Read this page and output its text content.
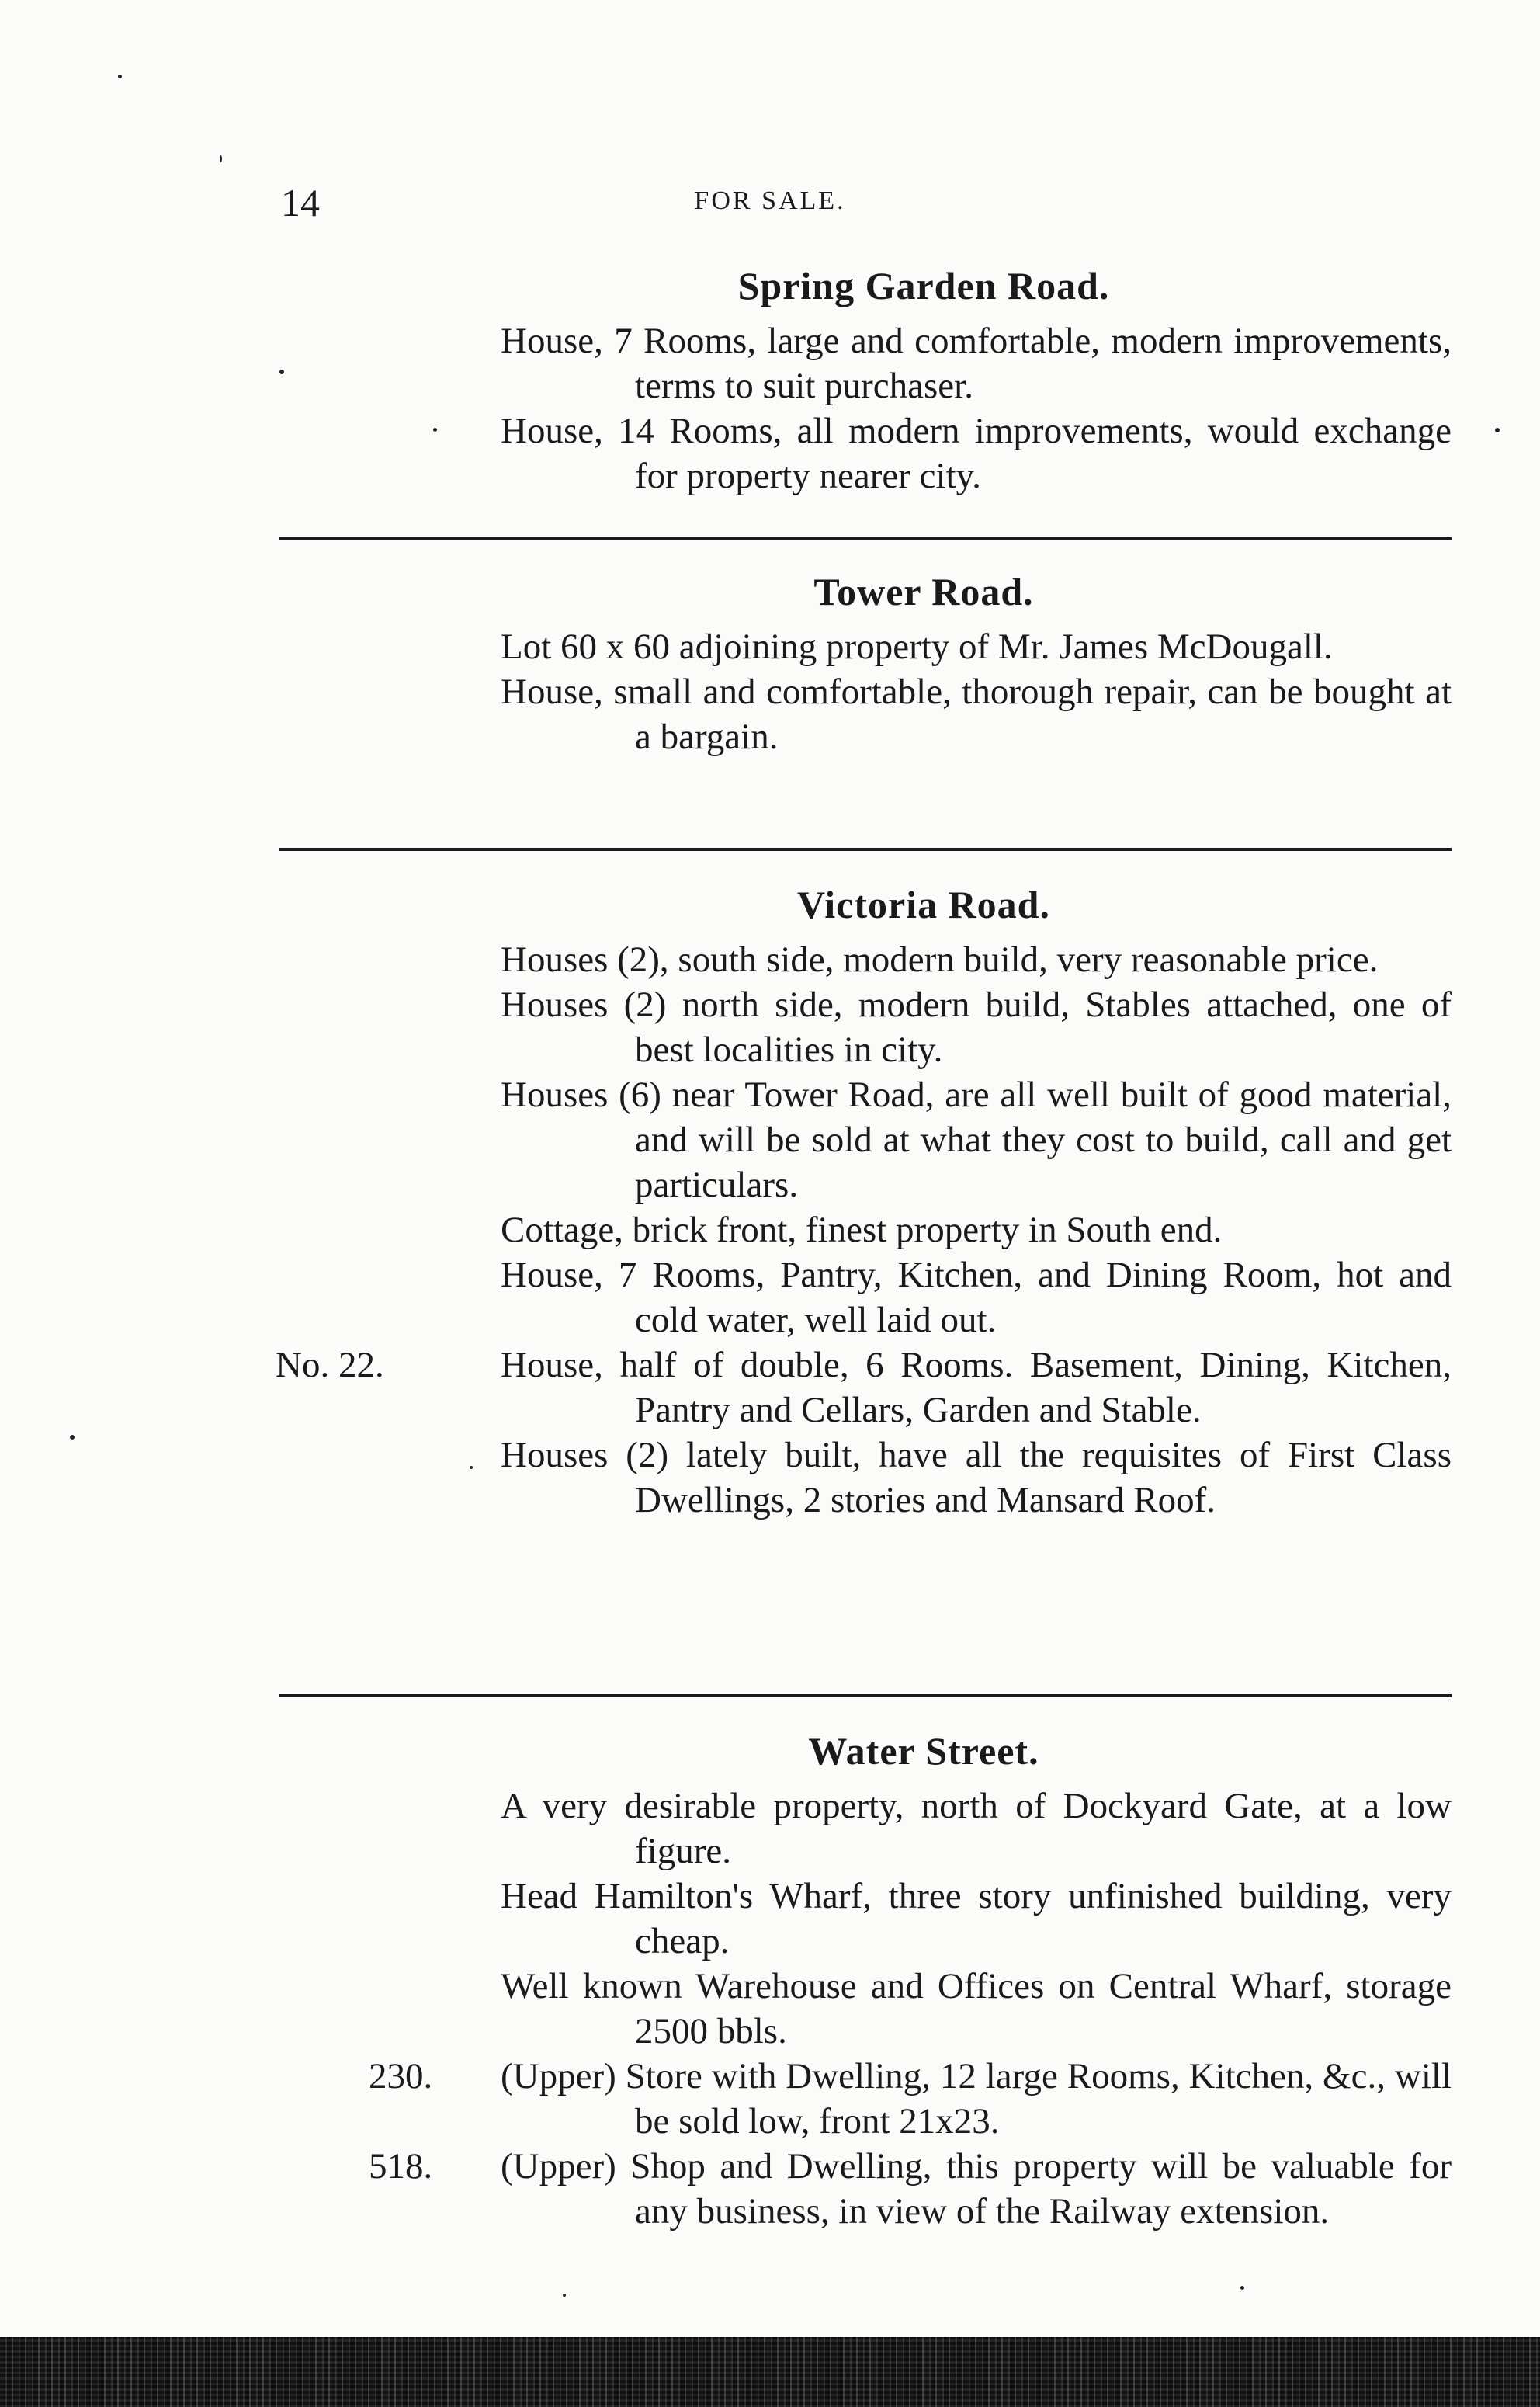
14	FOR SALE.
Spring Garden Road.
House, 7 Rooms, large and comfortable, modern improvements, terms to suit purchaser.
House, 14 Rooms, all modern improvements, would exchange for property nearer city.
Tower Road.
Lot 60 x 60 adjoining property of Mr. James McDougall.
House, small and comfortable, thorough repair, can be bought at a bargain.
Victoria Road.
Houses (2), south side, modern build, very reasonable price.
Houses (2) north side, modern build, Stables attached, one of best localities in city.
Houses (6) near Tower Road, are all well built of good material, and will be sold at what they cost to build, call and get particulars.
Cottage, brick front, finest property in South end.
House, 7 Rooms, Pantry, Kitchen, and Dining Room, hot and cold water, well laid out.
No. 22.	House, half of double, 6 Rooms. Basement, Dining, Kitchen, Pantry and Cellars, Garden and Stable.
Houses (2) lately built, have all the requisites of First Class Dwellings, 2 stories and Mansard Roof.
Water Street.
A very desirable property, north of Dockyard Gate, at a low figure.
Head Hamilton's Wharf, three story unfinished building, very cheap.
Well known Warehouse and Offices on Central Wharf, storage 2500 bbls.
230. (Upper) Store with Dwelling, 12 large Rooms, Kitchen, &c., will be sold low, front 21x23.
518. (Upper) Shop and Dwelling, this property will be valuable for any business, in view of the Railway extension.
